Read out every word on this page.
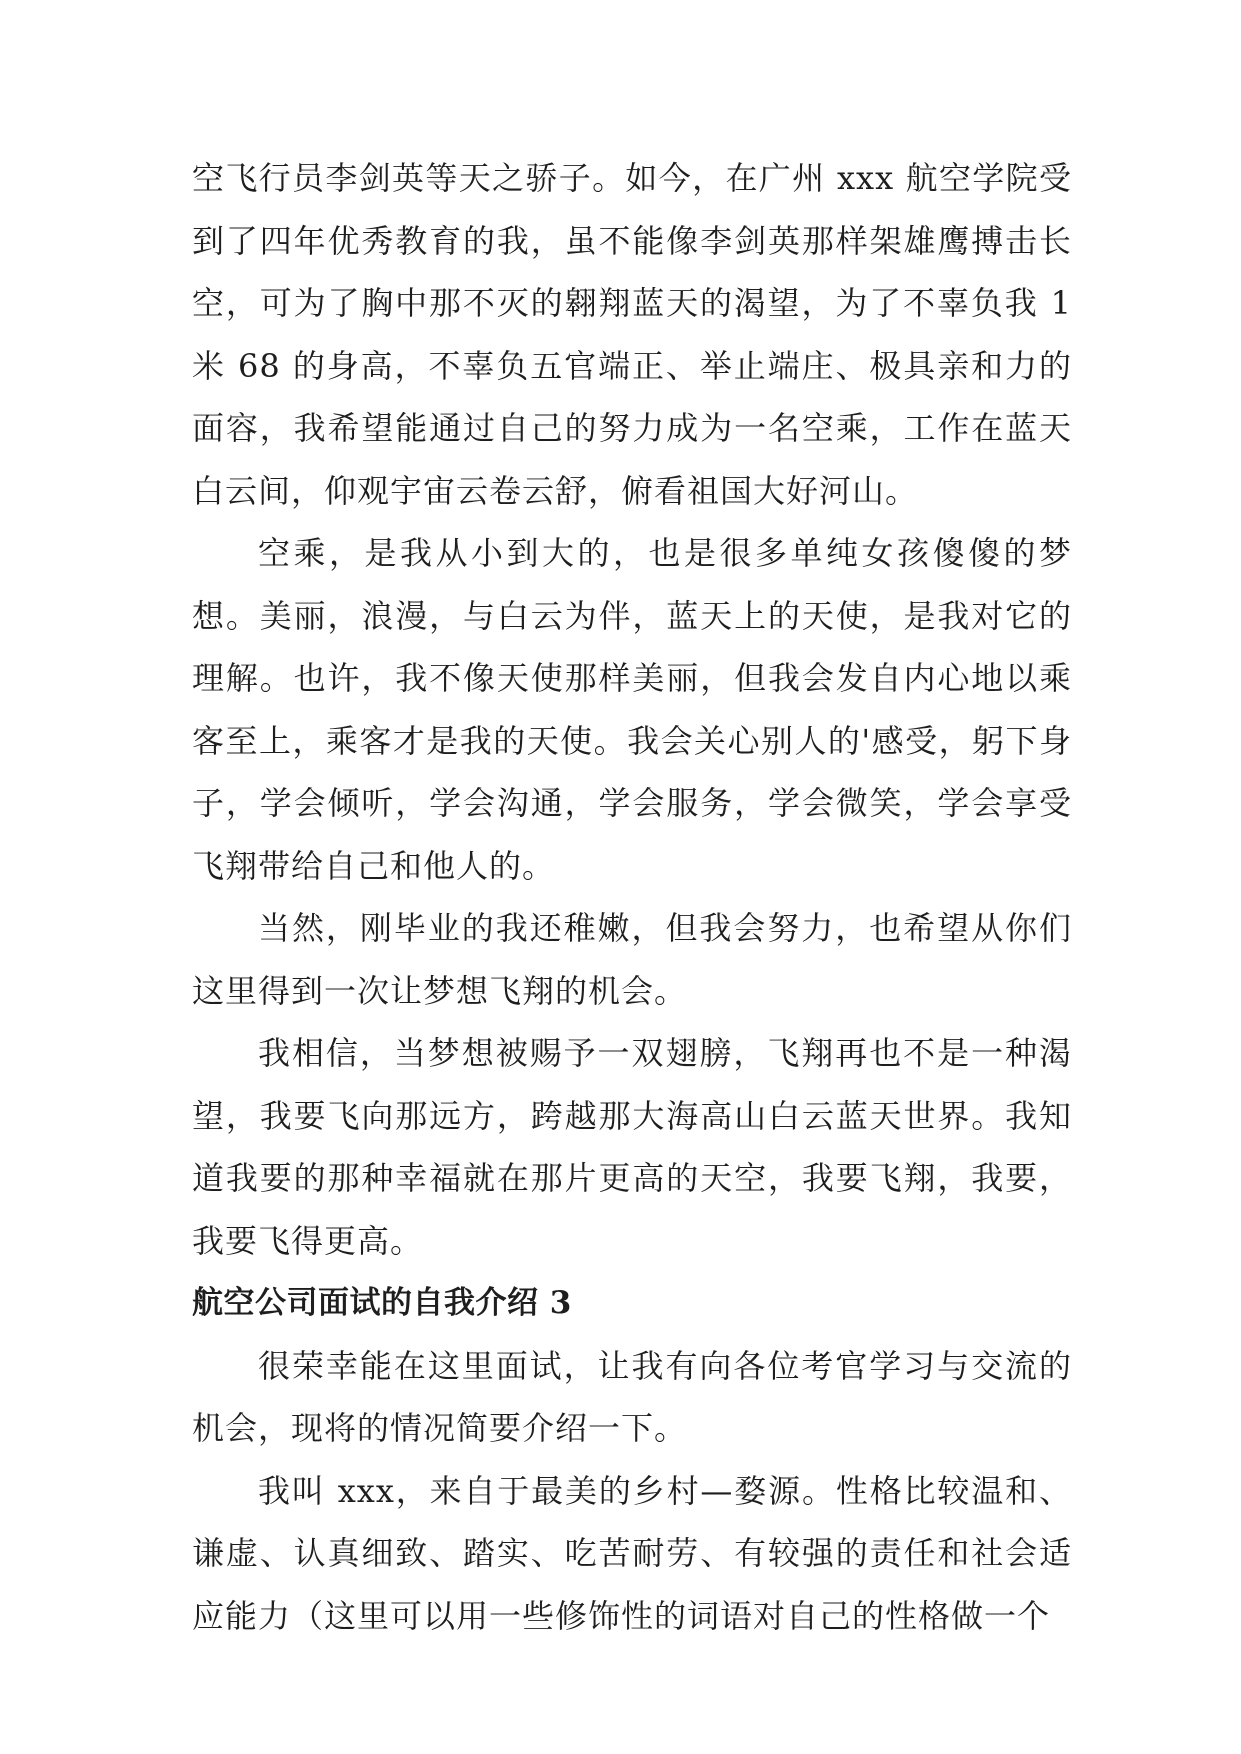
空飞行员李剑英等天之骄子。如今，在广州 xxx 航空学院受到了四年优秀教育的我，虽不能像李剑英那样架雄鹰搏击长空，可为了胸中那不灭的翱翔蓝天的渴望，为了不辜负我 1 米 68 的身高，不辜负五官端正、举止端庄、极具亲和力的面容，我希望能通过自己的努力成为一名空乘，工作在蓝天白云间，仰观宇宙云卷云舒，俯看祖国大好河山。

空乘，是我从小到大的，也是很多单纯女孩傻傻的梦想。美丽，浪漫，与白云为伴，蓝天上的天使，是我对它的理解。也许，我不像天使那样美丽，但我会发自内心地以乘客至上，乘客才是我的天使。我会关心别人的'感受，躬下身子，学会倾听，学会沟通，学会服务，学会微笑，学会享受飞翔带给自己和他人的。

当然，刚毕业的我还稚嫩，但我会努力，也希望从你们这里得到一次让梦想飞翔的机会。

我相信，当梦想被赐予一双翅膀，飞翔再也不是一种渴望，我要飞向那远方，跨越那大海高山白云蓝天世界。我知道我要的那种幸福就在那片更高的天空，我要飞翔，我要，我要飞得更高。

航空公司面试的自我介绍 3

很荣幸能在这里面试，让我有向各位考官学习与交流的机会，现将的情况简要介绍一下。

我叫 xxx，来自于最美的乡村—婺源。性格比较温和、谦虚、认真细致、踏实、吃苦耐劳、有较强的责任和社会适应能力（这里可以用一些修饰性的词语对自己的性格做一个
